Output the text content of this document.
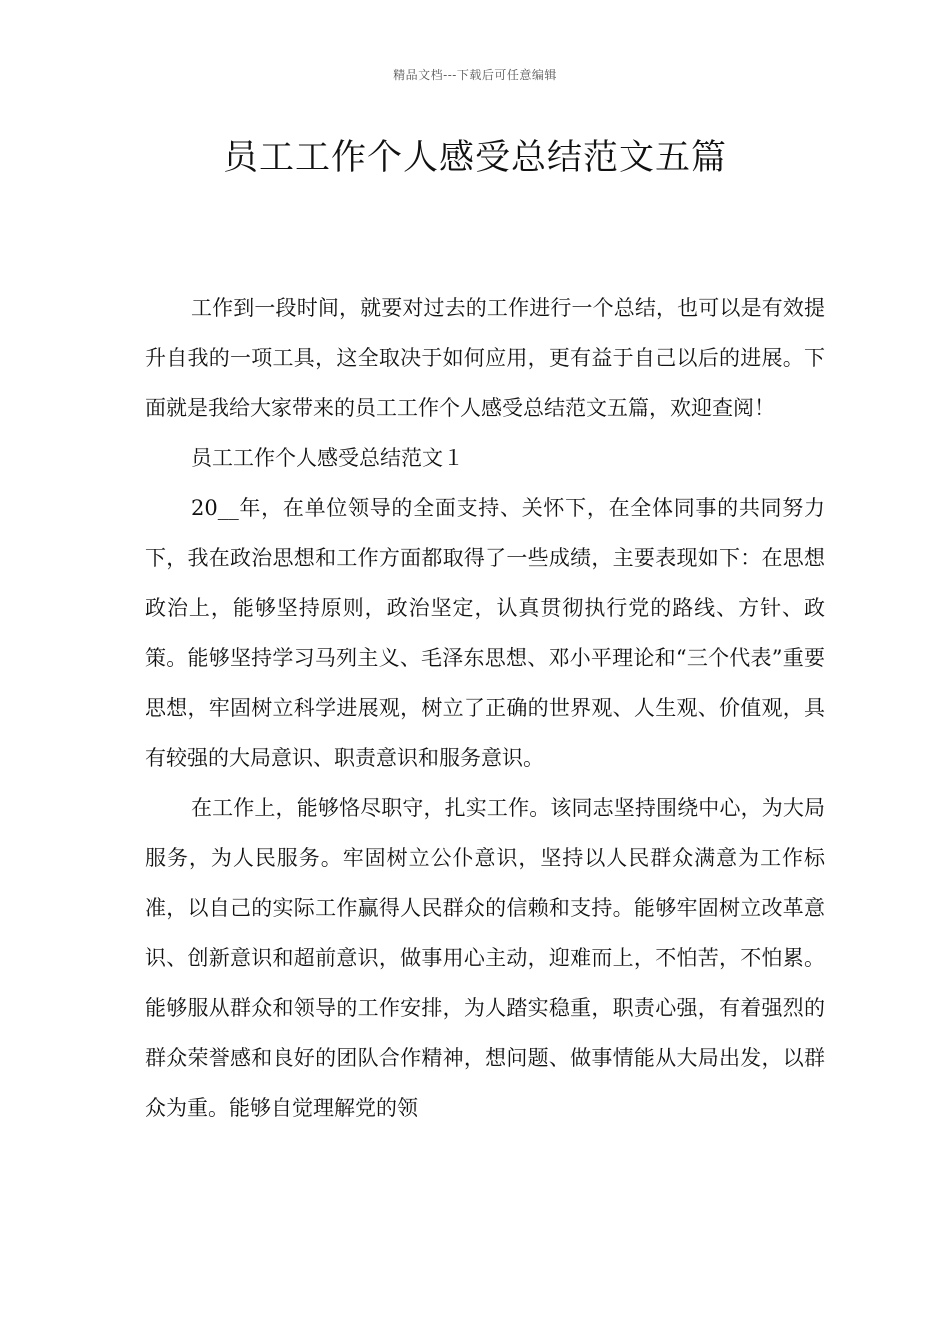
精品文档---下载后可任意编辑
员工工作个人感受总结范文五篇

工作到一段时间，就要对过去的工作进行一个总结，也可以是有效提升自我的一项工具，这全取决于如何应用，更有益于自己以后的进展。下面就是我给大家带来的员工工作个人感受总结范文五篇，欢迎查阅！

员工工作个人感受总结范文１

20__年，在单位领导的全面支持、关怀下，在全体同事的共同努力下，我在政治思想和工作方面都取得了一些成绩，主要表现如下：在思想政治上，能够坚持原则，政治坚定，认真贯彻执行党的路线、方针、政策。能够坚持学习马列主义、毛泽东思想、邓小平理论和“三个代表”重要思想，牢固树立科学进展观，树立了正确的世界观、人生观、价值观，具有较强的大局意识、职责意识和服务意识。

在工作上，能够恪尽职守，扎实工作。该同志坚持围绕中心，为大局服务，为人民服务。牢固树立公仆意识，坚持以人民群众满意为工作标准，以自己的实际工作赢得人民群众的信赖和支持。能够牢固树立改革意识、创新意识和超前意识，做事用心主动，迎难而上，不怕苦，不怕累。能够服从群众和领导的工作安排，为人踏实稳重，职责心强，有着强烈的群众荣誉感和良好的团队合作精神，想问题、做事情能从大局出发，以群众为重。能够自觉理解党的领
